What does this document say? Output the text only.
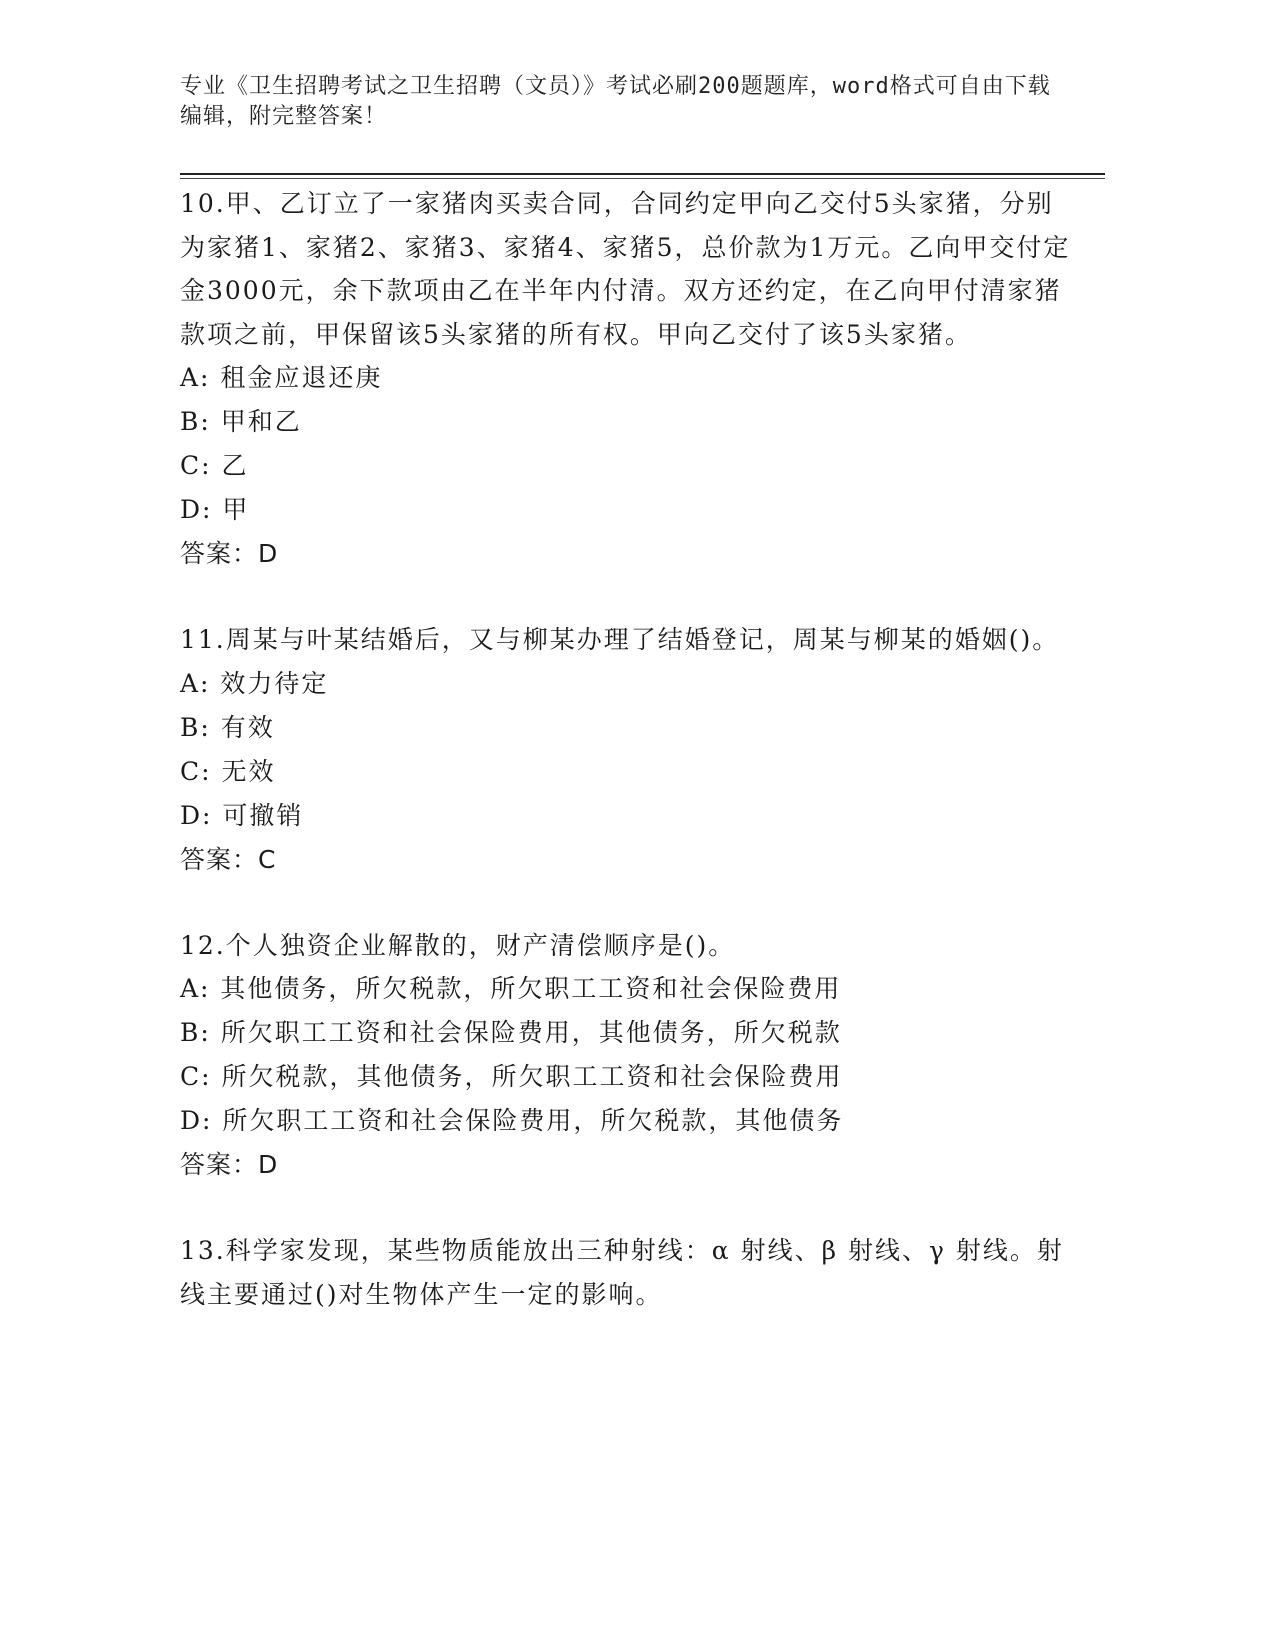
专业《卫生招聘考试之卫生招聘（文员）》考试必刷200题题库，word格式可自由下载编辑，附完整答案！

10.甲、乙订立了一家猪肉买卖合同，合同约定甲向乙交付5头家猪，分别为家猪1、家猪2、家猪3、家猪4、家猪5，总价款为1万元。乙向甲交付定金3000元，余下款项由乙在半年内付清。双方还约定，在乙向甲付清家猪款项之前，甲保留该5头家猪的所有权。甲向乙交付了该5头家猪。

A: 租金应退还庚

B: 甲和乙

C: 乙

D: 甲

答案：D

11.周某与叶某结婚后，又与柳某办理了结婚登记，周某与柳某的婚姻()。

A: 效力待定

B: 有效

C: 无效

D: 可撤销

答案：C

12.个人独资企业解散的，财产清偿顺序是()。

A: 其他债务，所欠税款，所欠职工工资和社会保险费用

B: 所欠职工工资和社会保险费用，其他债务，所欠税款

C: 所欠税款，其他债务，所欠职工工资和社会保险费用

D: 所欠职工工资和社会保险费用，所欠税款，其他债务

答案：D

13.科学家发现，某些物质能放出三种射线：α 射线、β 射线、γ 射线。射线主要通过()对生物体产生一定的影响。
